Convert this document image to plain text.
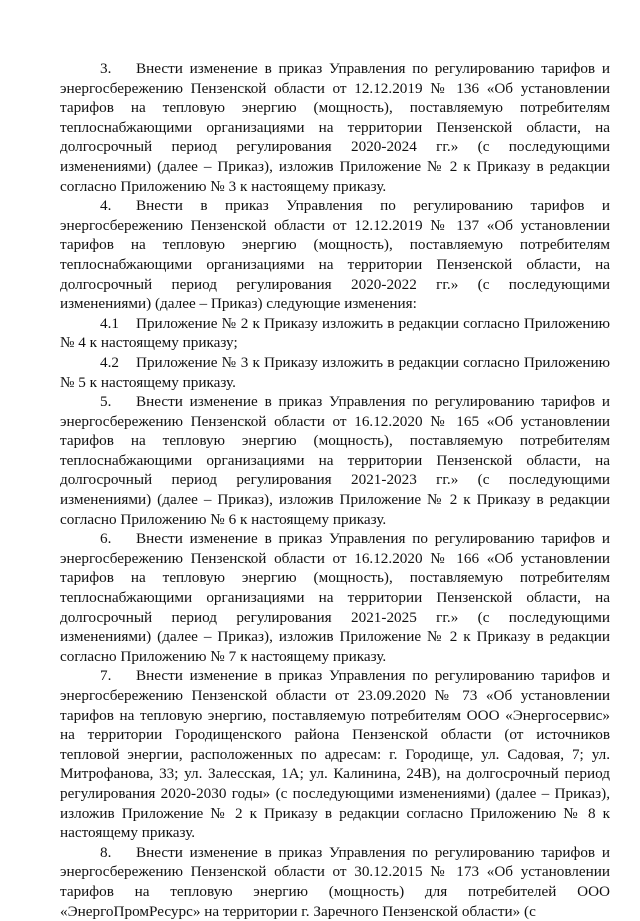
3. Внести изменение в приказ Управления по регулированию тарифов и энергосбережению Пензенской области от 12.12.2019 № 136 «Об установлении тарифов на тепловую энергию (мощность), поставляемую потребителям теплоснабжающими организациями на территории Пензенской области, на долгосрочный период регулирования 2020-2024 гг.» (с последующими изменениями) (далее – Приказ), изложив Приложение № 2 к Приказу в редакции согласно Приложению № 3 к настоящему приказу.

4. Внести в приказ Управления по регулированию тарифов и энергосбережению Пензенской области от 12.12.2019 № 137 «Об установлении тарифов на тепловую энергию (мощность), поставляемую потребителям теплоснабжающими организациями на территории Пензенской области, на долгосрочный период регулирования 2020-2022 гг.» (с последующими изменениями) (далее – Приказ) следующие изменения:

4.1 Приложение № 2 к Приказу изложить в редакции согласно Приложению № 4 к настоящему приказу;

4.2 Приложение № 3 к Приказу изложить в редакции согласно Приложению № 5 к настоящему приказу.

5. Внести изменение в приказ Управления по регулированию тарифов и энергосбережению Пензенской области от 16.12.2020 № 165 «Об установлении тарифов на тепловую энергию (мощность), поставляемую потребителям теплоснабжающими организациями на территории Пензенской области, на долгосрочный период регулирования 2021-2023 гг.» (с последующими изменениями) (далее – Приказ), изложив Приложение № 2 к Приказу в редакции согласно Приложению № 6 к настоящему приказу.

6. Внести изменение в приказ Управления по регулированию тарифов и энергосбережению Пензенской области от 16.12.2020 № 166 «Об установлении тарифов на тепловую энергию (мощность), поставляемую потребителям теплоснабжающими организациями на территории Пензенской области, на долгосрочный период регулирования 2021-2025 гг.» (с последующими изменениями) (далее – Приказ), изложив Приложение № 2 к Приказу в редакции согласно Приложению № 7 к настоящему приказу.

7. Внести изменение в приказ Управления по регулированию тарифов и энергосбережению Пензенской области от 23.09.2020 № 73 «Об установлении тарифов на тепловую энергию, поставляемую потребителям ООО «Энергосервис» на территории Городищенского района Пензенской области (от источников тепловой энергии, расположенных по адресам: г. Городище, ул. Садовая, 7; ул. Митрофанова, 33; ул. Залесская, 1А; ул. Калинина, 24В), на долгосрочный период регулирования 2020-2030 годы» (с последующими изменениями) (далее – Приказ), изложив Приложение № 2 к Приказу в редакции согласно Приложению № 8 к настоящему приказу.

8. Внести изменение в приказ Управления по регулированию тарифов и энергосбережению Пензенской области от 30.12.2015 № 173 «Об установлении тарифов на тепловую энергию (мощность) для потребителей ООО «ЭнергоПромРесурс» на территории г. Заречного Пензенской области» (с
